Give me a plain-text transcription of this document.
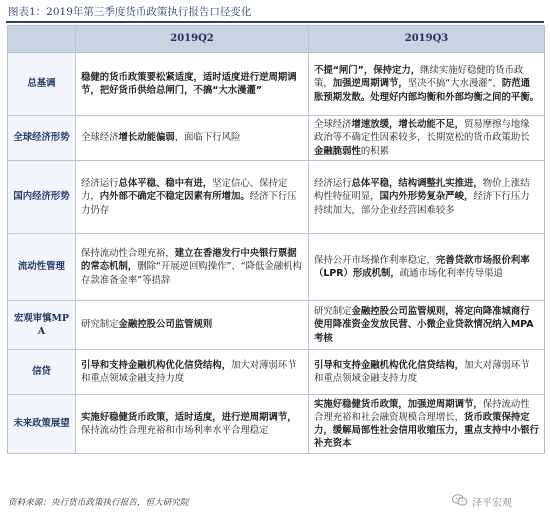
图表1：2019年第三季度货币政策执行报告口径变化
	2019Q2	2019Q3
总基调	稳健的货币政策要松紧适度，适时适度进行逆周期调节，把好货币供给总闸门，不搞“大水漫灌”	不提“闸门”，保持定力，继续实施好稳健的货币政策，加强逆周期调节，坚决不搞“大水漫灌”，防范通胀预期发散。处理好内部均衡和外部均衡之间的平衡。
全球经济形势	全球经济增长动能偏弱，面临下行风险	全球经济增速放缓，增长动能不足，贸易摩擦与地缘政治等不确定性因素较多，长期宽松的货币政策助长金融脆弱性的积累
国内经济形势	经济运行总体平稳、稳中有进，坚定信心、保持定力，内外部不确定不稳定因素有所增加。经济下行压力仍存	经济运行总体平稳，结构调整扎实推进，物价上涨结构性特征明显，国内外形势复杂严峻，经济下行压力持续加大，部分企业经营困难较多
流动性管理	保持流动性合理充裕，建立在香港发行中央银行票据的常态机制，删除“开展逆回购操作”、“降低金融机构存款准备金率”等措辞	保持公开市场操作利率稳定，完善贷款市场报价利率（LPR）形成机制，疏通市场化利率传导渠道
宏观审慎MPA	研究制定金融控股公司监管规则	研究制定金融控股公司监管规则，将定向降准城商行使用降准资金发放民营、小微企业贷款情况纳入MPA考核
信贷	引导和支持金融机构优化信贷结构，加大对薄弱环节和重点领域金融支持力度	引导和支持金融机构优化信贷结构，加大对薄弱环节和重点领域金融支持力度
未来政策展望	实施好稳健货币政策，适时适度，进行逆周期调节，保持流动性合理充裕和市场利率水平合理稳定	实施好稳健货币政策，加强逆周期调节，保持流动性合理充裕和社会融资规模合理增长，货币政策保持定力，缓解局部性社会信用收缩压力，重点支持中小银行补充资本
资料来源：央行货币政策执行报告，恒大研究院	泽平宏观
